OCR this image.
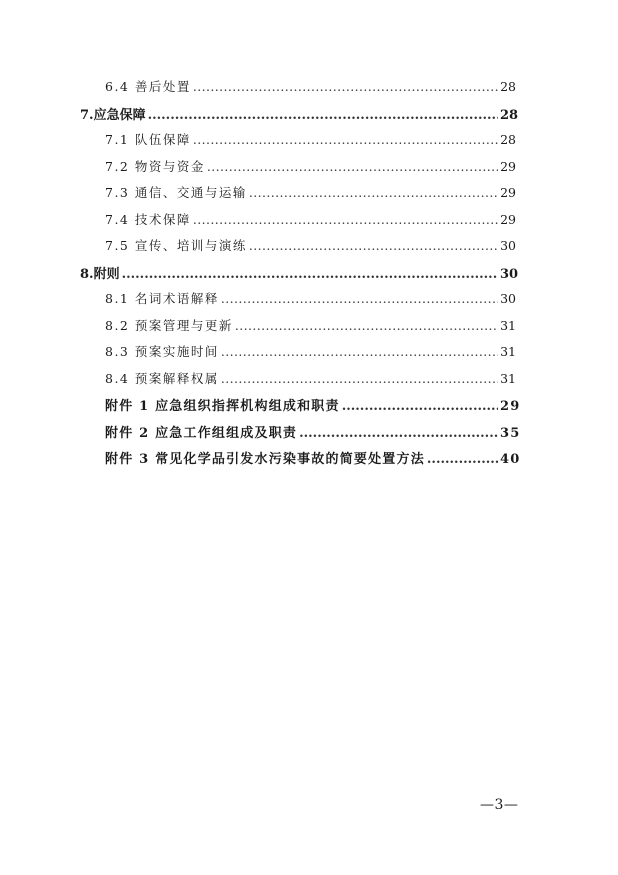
6.4 善后处置 .....	28
7.应急保障 .....	28
7.1 队伍保障 .....	28
7.2 物资与资金 .....	29
7.3 通信、交通与运输 .....	29
7.4 技术保障 .....	29
7.5 宣传、培训与演练 .....	30
8.附则 .....	30
8.1 名词术语解释 .....	30
8.2 预案管理与更新 .....	31
8.3 预案实施时间 .....	31
8.4 预案解释权属 .....	31
附件 1 应急组织指挥机构组成和职责 .....	29
附件 2 应急工作组组成及职责 .....	35
附件 3 常见化学品引发水污染事故的简要处置方法 .....	40
—3—
